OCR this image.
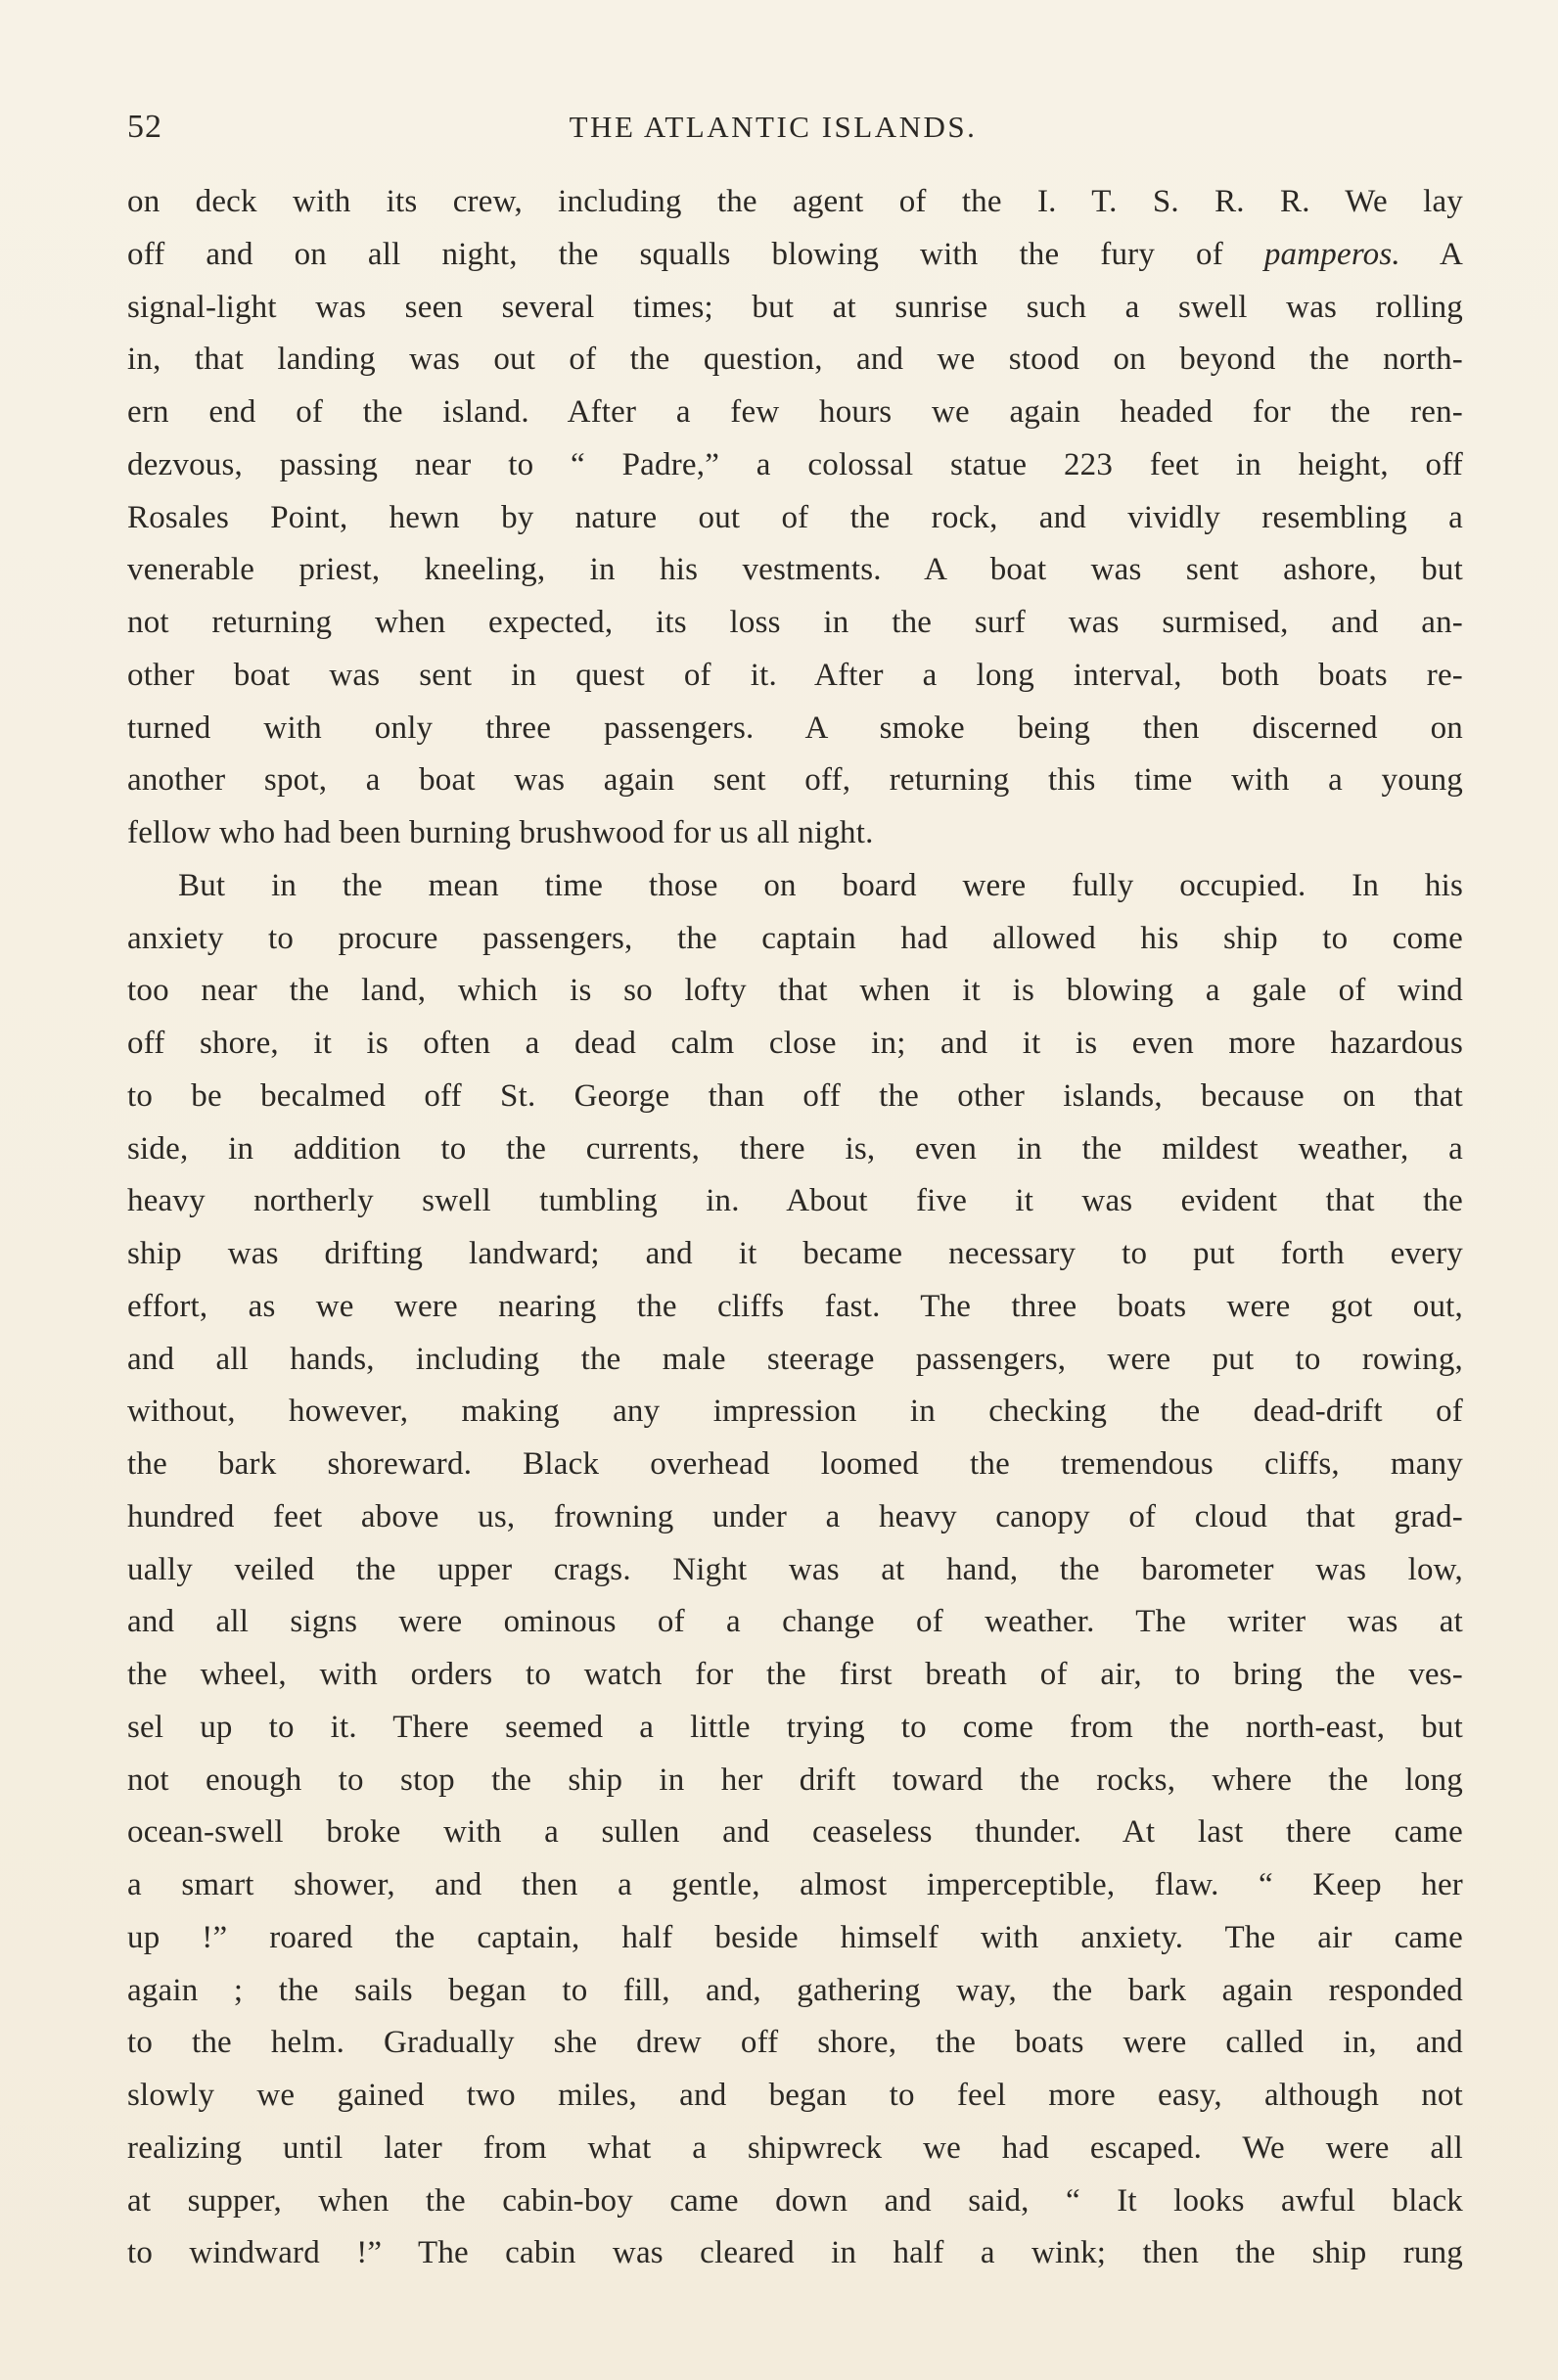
52	THE ATLANTIC ISLANDS.
on deck with its crew, including the agent of the I. T. S. R. R. We lay
off and on all night, the squalls blowing with the fury of pamperos. A
signal-light was seen several times; but at sunrise such a swell was rolling
in, that landing was out of the question, and we stood on beyond the north-
ern end of the island. After a few hours we again headed for the ren-
dezvous, passing near to “ Padre,” a colossal statue 223 feet in height, off
Rosales Point, hewn by nature out of the rock, and vividly resembling a
venerable priest, kneeling, in his vestments. A boat was sent ashore, but
not returning when expected, its loss in the surf was surmised, and an-
other boat was sent in quest of it. After a long interval, both boats re-
turned with only three passengers. A smoke being then discerned on
another spot, a boat was again sent off, returning this time with a young
fellow who had been burning brushwood for us all night.
But in the mean time those on board were fully occupied. In his
anxiety to procure passengers, the captain had allowed his ship to come
too near the land, which is so lofty that when it is blowing a gale of wind
off shore, it is often a dead calm close in; and it is even more hazardous
to be becalmed off St. George than off the other islands, because on that
side, in addition to the currents, there is, even in the mildest weather, a
heavy northerly swell tumbling in. About five it was evident that the
ship was drifting landward; and it became necessary to put forth every
effort, as we were nearing the cliffs fast. The three boats were got out,
and all hands, including the male steerage passengers, were put to rowing,
without, however, making any impression in checking the dead-drift of
the bark shoreward. Black overhead loomed the tremendous cliffs, many
hundred feet above us, frowning under a heavy canopy of cloud that grad-
ually veiled the upper crags. Night was at hand, the barometer was low,
and all signs were ominous of a change of weather. The writer was at
the wheel, with orders to watch for the first breath of air, to bring the ves-
sel up to it. There seemed a little trying to come from the north-east, but
not enough to stop the ship in her drift toward the rocks, where the long
ocean-swell broke with a sullen and ceaseless thunder. At last there came
a smart shower, and then a gentle, almost imperceptible, flaw. “ Keep her
up !” roared the captain, half beside himself with anxiety. The air came
again ; the sails began to fill, and, gathering way, the bark again responded
to the helm. Gradually she drew off shore, the boats were called in, and
slowly we gained two miles, and began to feel more easy, although not
realizing until later from what a shipwreck we had escaped. We were all
at supper, when the cabin-boy came down and said, “ It looks awful black
to windward !” The cabin was cleared in half a wink; then the ship rung
